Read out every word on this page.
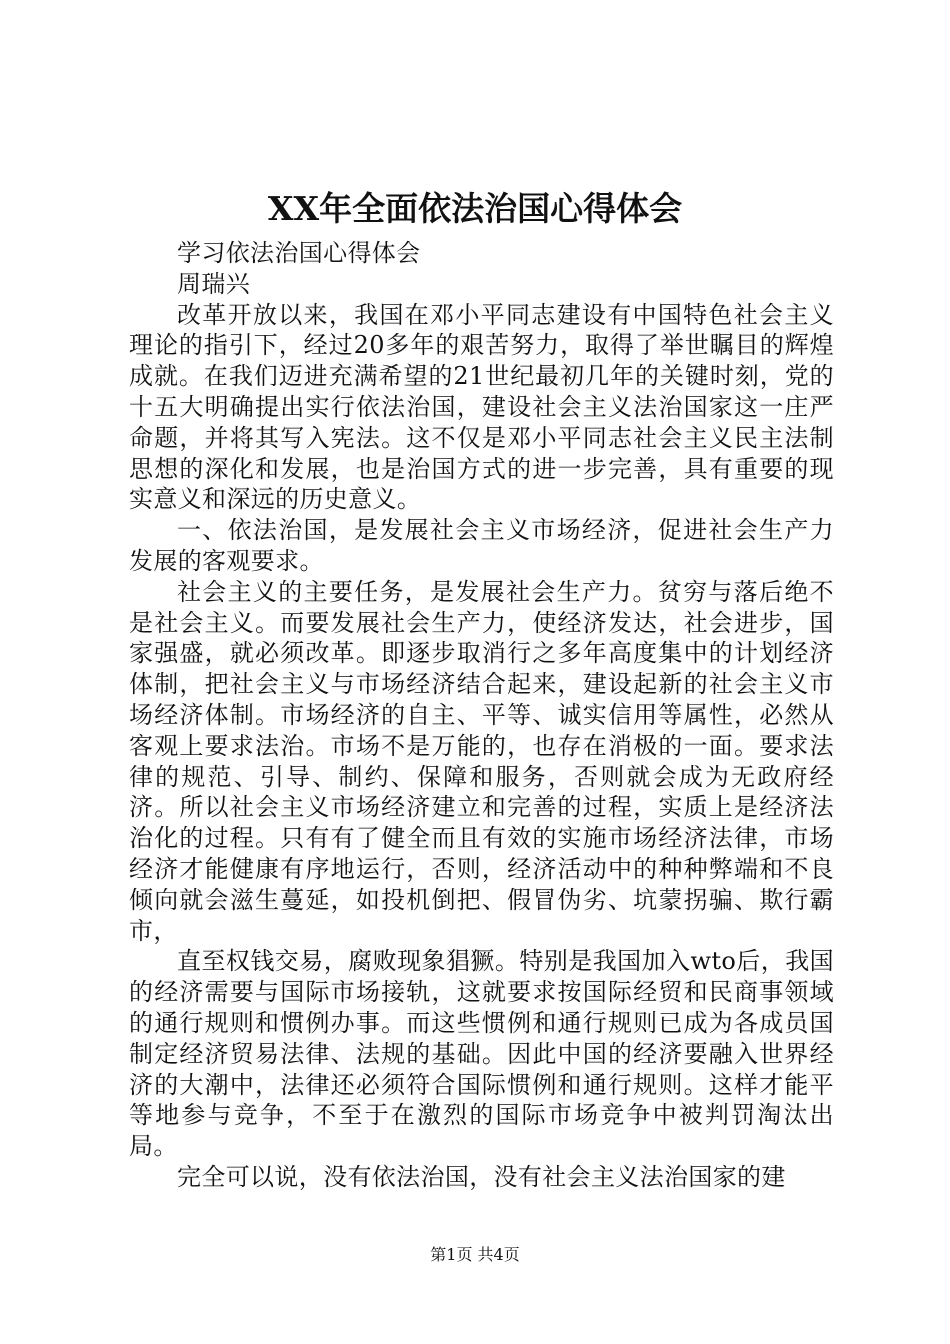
XX年全面依法治国心得体会

学习依法治国心得体会

周瑞兴

改革开放以来，我国在邓小平同志建设有中国特色社会主义理论的指引下，经过20多年的艰苦努力，取得了举世瞩目的辉煌成就。在我们迈进充满希望的21世纪最初几年的关键时刻，党的十五大明确提出实行依法治国，建设社会主义法治国家这一庄严命题，并将其写入宪法。这不仅是邓小平同志社会主义民主法制思想的深化和发展，也是治国方式的进一步完善，具有重要的现实意义和深远的历史意义。

一、依法治国，是发展社会主义市场经济，促进社会生产力发展的客观要求。

社会主义的主要任务，是发展社会生产力。贫穷与落后绝不是社会主义。而要发展社会生产力，使经济发达，社会进步，国家强盛，就必须改革。即逐步取消行之多年高度集中的计划经济体制，把社会主义与市场经济结合起来，建设起新的社会主义市场经济体制。市场经济的自主、平等、诚实信用等属性，必然从客观上要求法治。市场不是万能的，也存在消极的一面。要求法律的规范、引导、制约、保障和服务，否则就会成为无政府经济。所以社会主义市场经济建立和完善的过程，实质上是经济法治化的过程。只有有了健全而且有效的实施市场经济法律，市场经济才能健康有序地运行，否则，经济活动中的种种弊端和不良倾向就会滋生蔓延，如投机倒把、假冒伪劣、坑蒙拐骗、欺行霸市，

直至权钱交易，腐败现象猖獗。特别是我国加入wto后，我国的经济需要与国际市场接轨，这就要求按国际经贸和民商事领域的通行规则和惯例办事。而这些惯例和通行规则已成为各成员国制定经济贸易法律、法规的基础。因此中国的经济要融入世界经济的大潮中，法律还必须符合国际惯例和通行规则。这样才能平等地参与竞争，不至于在激烈的国际市场竞争中被判罚淘汰出局。

完全可以说，没有依法治国，没有社会主义法治国家的建

第1页 共4页
